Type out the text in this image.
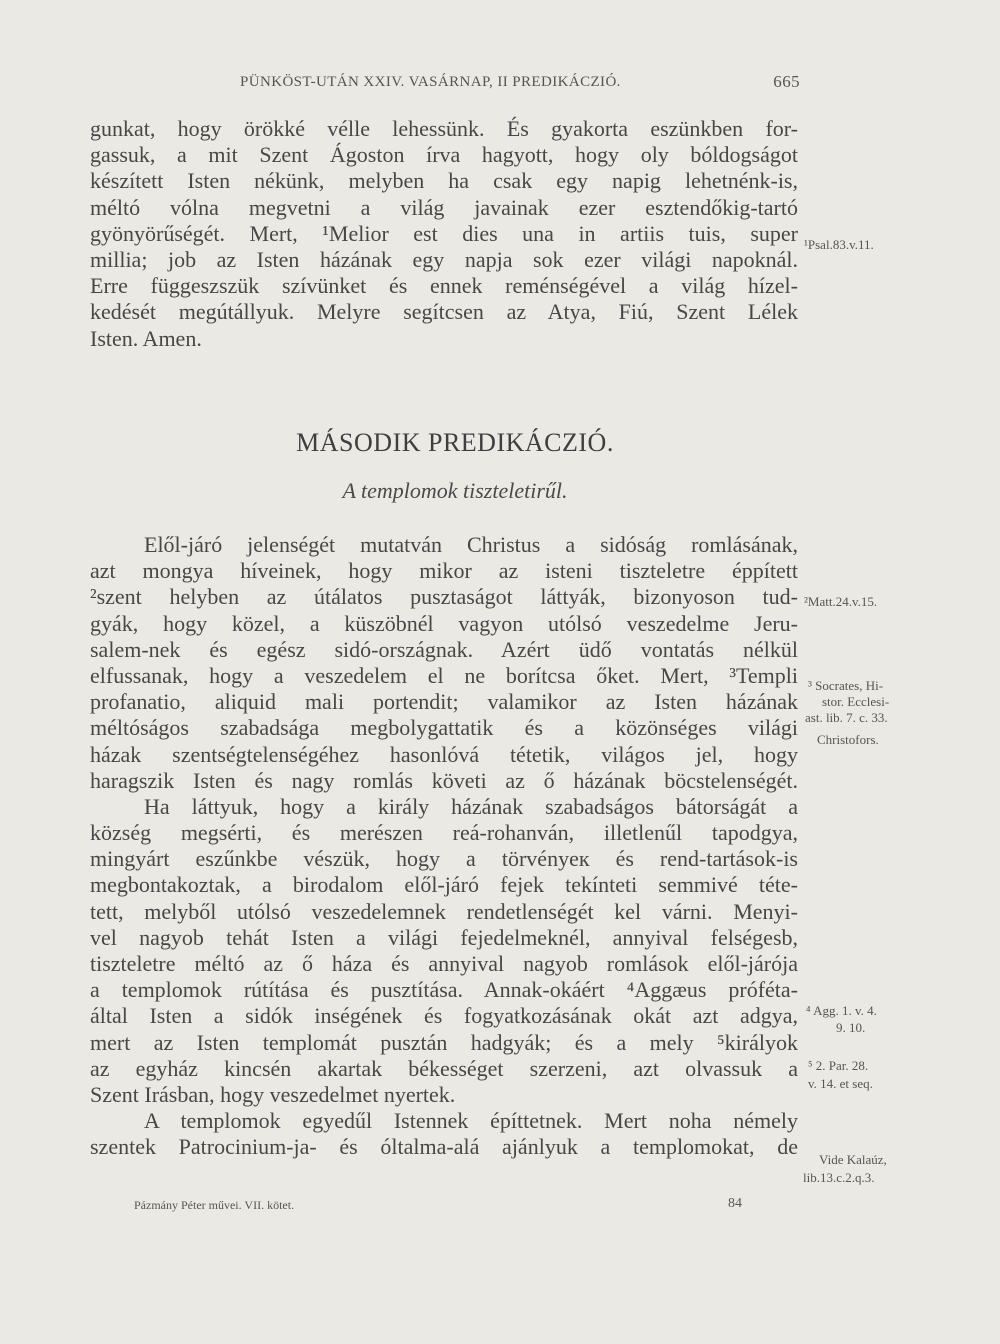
PÜNKÖST-UTÁN XXIV. VASÁRNAP, II PREDIKÁCZIÓ.	665
gunkat, hogy örökké vélle lehessünk. És gyakorta eszünkben for-
gassuk, a mit Szent Ágoston írva hagyott, hogy oly bóldogságot
készített Isten nékünk, melyben ha csak egy napig lehetnénk-is,
méltó vólna megvetni a világ javainak ezer esztendőkig-tartó
gyönyörűségét. Mert, ¹Melior est dies una in artiis tuis, super
millia; job az Isten házának egy napja sok ezer világi napoknál.
Erre függeszszük szívünket és ennek reménségével a világ hízel-
kedését megútállyuk. Melyre segítcsen az Atya, Fiú, Szent Lélek
Isten. Amen.
MÁSODIK PREDIKÁCZIÓ.
A templomok tiszteletirűl.
Elől-járó jelenségét mutatván Christus a sidóság romlásának,
azt mongya híveinek, hogy mikor az isteni tiszteletre éppített
²szent helyben az útálatos pusztaságot láttyák, bizonyoson tud-
gyák, hogy közel, a küszöbnél vagyon utólsó veszedelme Jeru-
salem-nek és egész sidó-országnak. Azért üdő vontatás nélkül
elfussanak, hogy a veszedelem el ne borítcsa őket. Mert, ³Templi
profanatio, aliquid mali portendit; valamikor az Isten házának
méltóságos szabadsága megbolygattatik és a közönséges világi
házak szentségtelenségéhez hasonlóvá tétetik, világos jel, hogy
haragszik Isten és nagy romlás követi az ő házának böcstelenségét.
Ha láttyuk, hogy a király házának szabadságos bátorságát a
község megsérti, és merészen reá-rohanván, illetlenűl tapodgya,
mingyárt eszűnkbe vészük, hogy a törvényeк és rend-tartások-is
megbontakoztak, a birodalom elől-járó fejek tekínteti semmivé téte-
tett, melyből utólsó veszedelemnek rendetlenségét kel várni. Menyi-
vel nagyob tehát Isten a világi fejedelmeknél, annyival felségesb,
tiszteletre méltó az ő háza és annyival nagyob romlások elől-járója
a templomok rútítása és pusztítása. Annak-okáért ⁴Aggæus próféta-
által Isten a sidók inségének és fogyatkozásának okát azt adgya,
mert az Isten templomát pusztán hadgyák; és a mely ⁵királyok
az egyház kincsén akartak békességet szerzeni, azt olvassuk a
Szent Irásban, hogy veszedelmet nyertek.
A templomok egyedűl Istennek építtetnek. Mert noha némely
szentek Patrocinium-ja- és óltalma-alá ajánlyuk a templomokat, de
¹Psal.83.v.11.
²Matt.24.v.15.
³ Socrates, Hi-
stor. Ecclesi-
ast. lib. 7. c. 33.
Christofors.
⁴ Agg. 1. v. 4.
9. 10.
⁵ 2. Par. 28.
v. 14. et seq.
Vide Kalaúz,
lib.13.c.2.q.3.
Pázmány Péter művei. VII. kötet.	84
